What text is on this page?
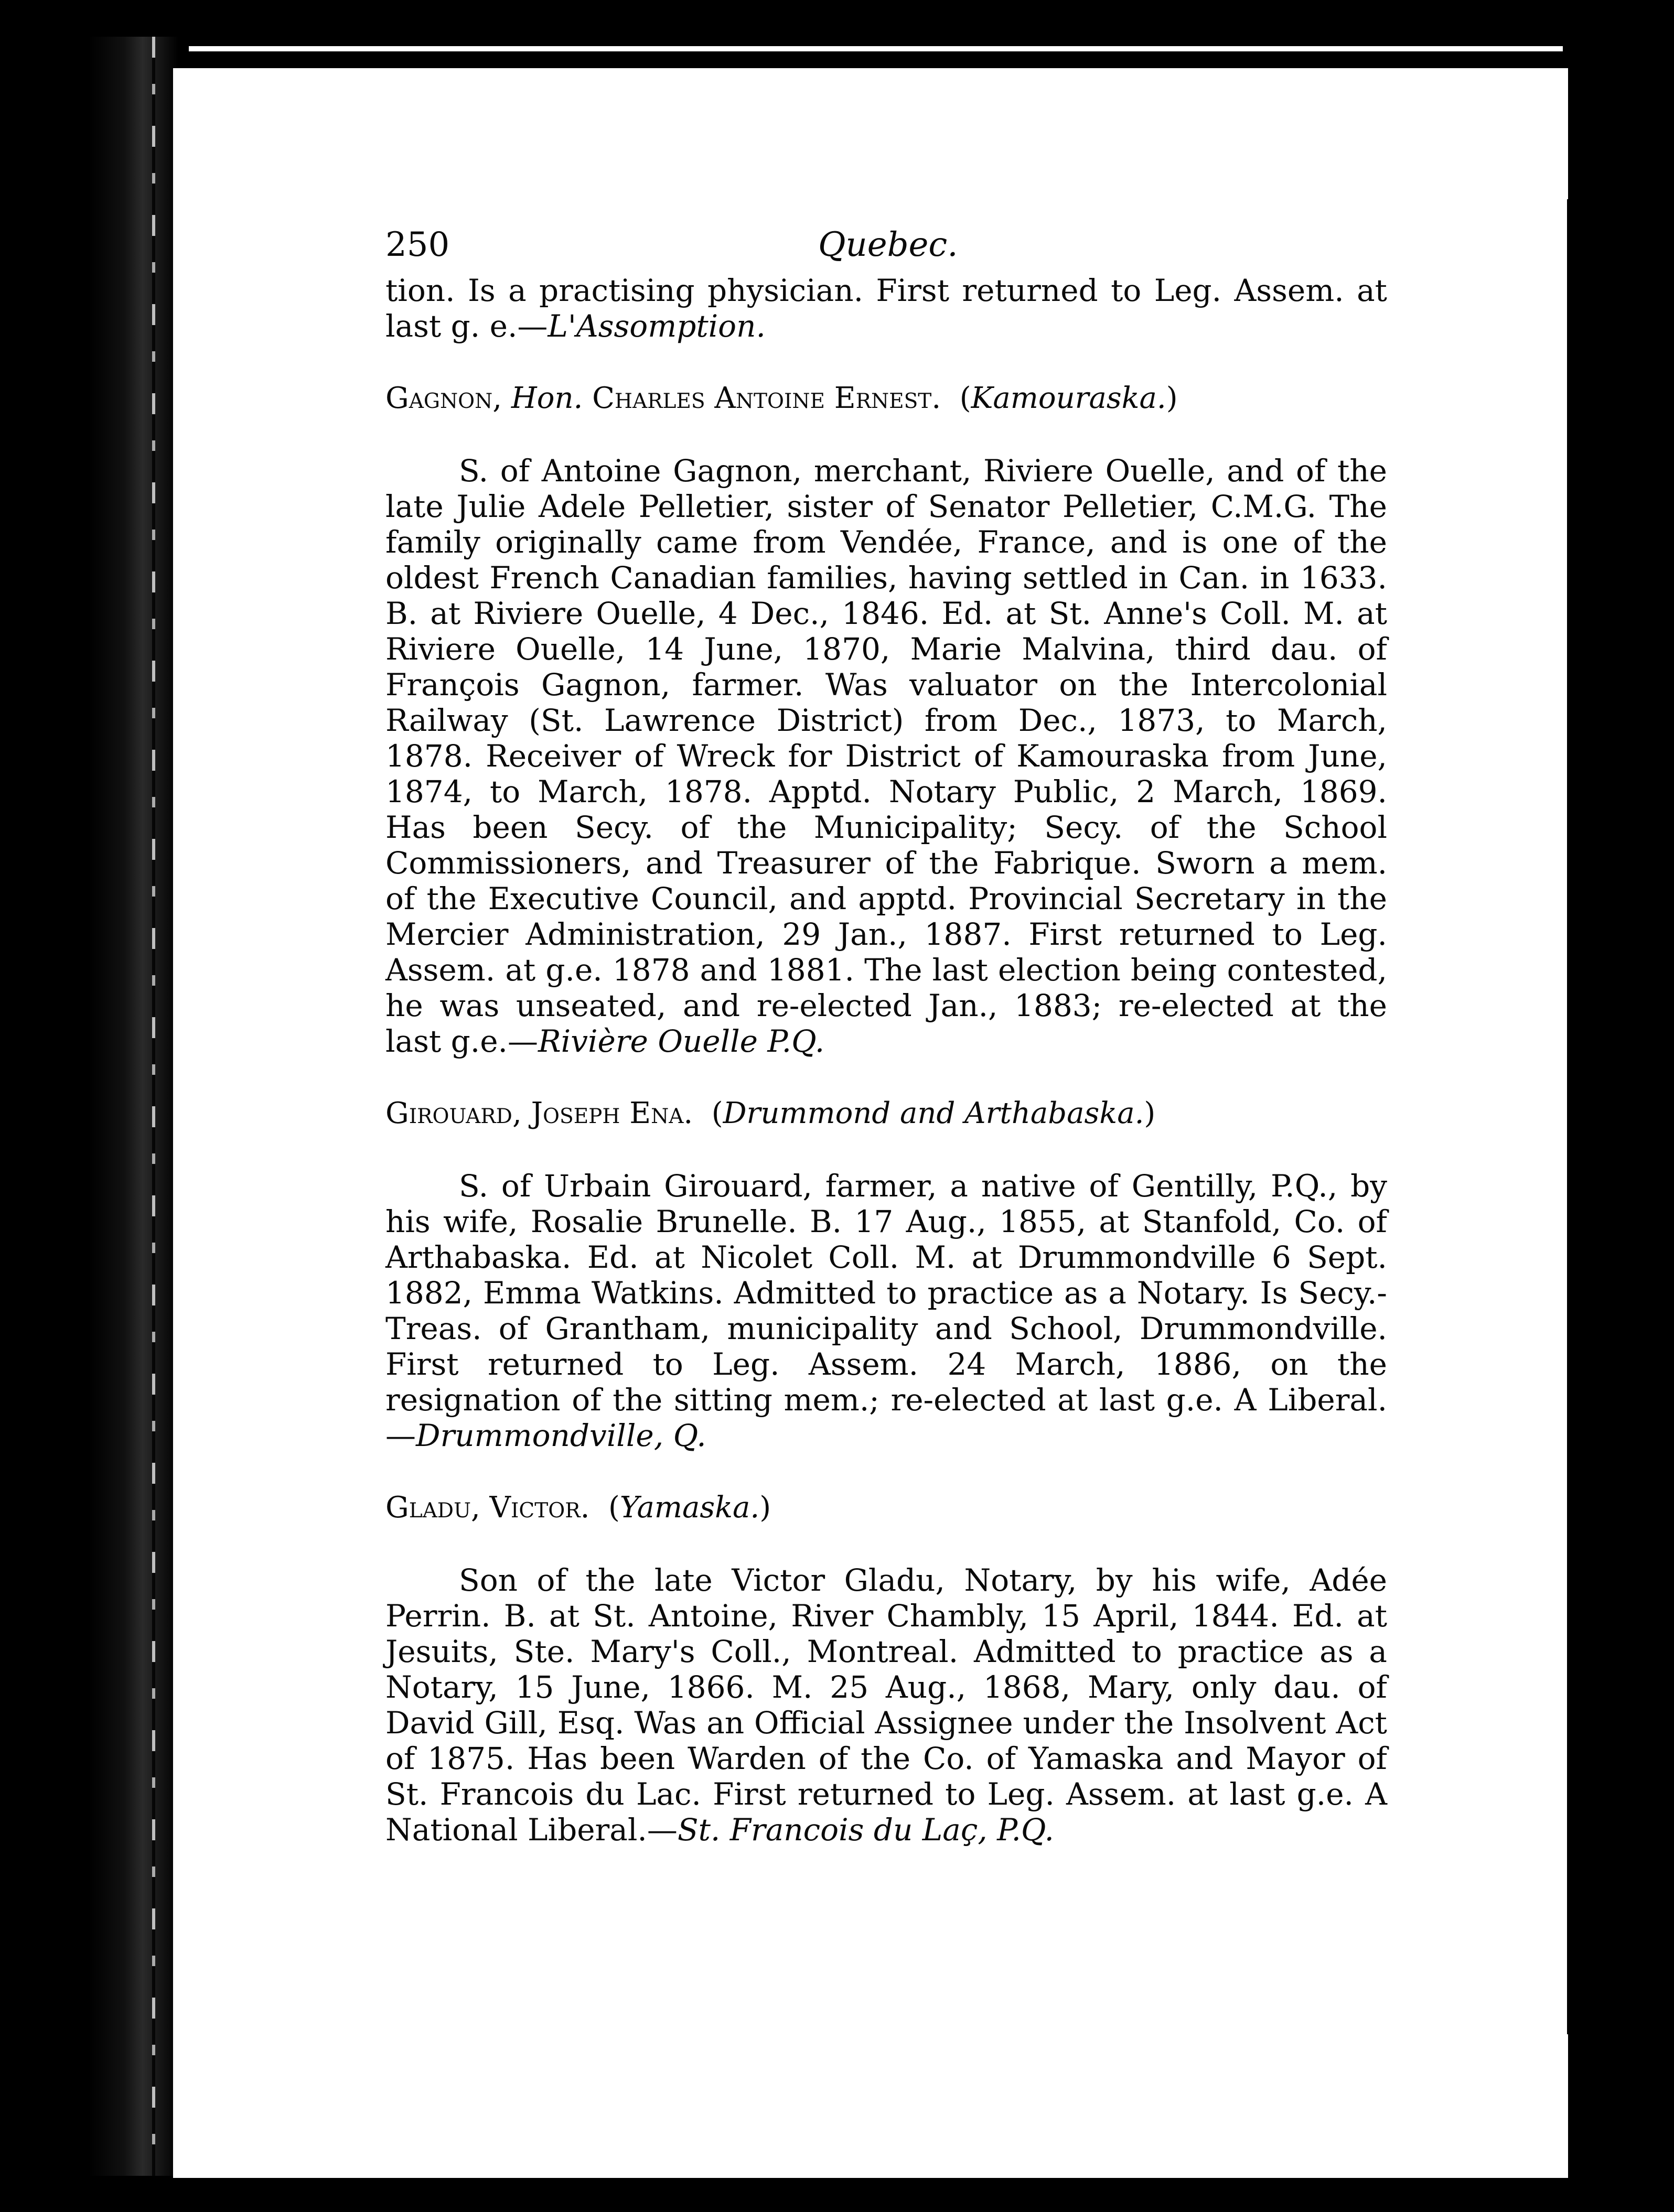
250	Quebec.

tion. Is a practising physician. First returned to Leg. Assem. at last g. e.—L'Assomption.

Gagnon, Hon. Charles Antoine Ernest.  (Kamouraska.)

S. of Antoine Gagnon, merchant, Riviere Ouelle, and of the late Julie Adele Pelletier, sister of Senator Pelletier, C.M.G. The family originally came from Vendée, France, and is one of the oldest French Canadian families, having settled in Can. in 1633. B. at Riviere Ouelle, 4 Dec., 1846. Ed. at St. Anne's Coll. M. at Riviere Ouelle, 14 June, 1870, Marie Malvina, third dau. of François Gagnon, farmer. Was valuator on the Intercolonial Railway (St. Lawrence District) from Dec., 1873, to March, 1878. Receiver of Wreck for District of Kamouraska from June, 1874, to March, 1878. Apptd. Notary Public, 2 March, 1869. Has been Secy. of the Municipality; Secy. of the School Commissioners, and Treasurer of the Fabrique. Sworn a mem. of the Executive Council, and apptd. Provincial Secretary in the Mercier Administration, 29 Jan., 1887. First returned to Leg. Assem. at g.e. 1878 and 1881. The last election being contested, he was unseated, and re-elected Jan., 1883; re-elected at the last g.e.—Rivière Ouelle P.Q.

Girouard, Joseph Ena.  (Drummond and Arthabaska.)

S. of Urbain Girouard, farmer, a native of Gentilly, P.Q., by his wife, Rosalie Brunelle. B. 17 Aug., 1855, at Stanfold, Co. of Arthabaska. Ed. at Nicolet Coll. M. at Drummondville 6 Sept. 1882, Emma Watkins. Admitted to practice as a Notary. Is Secy.-Treas. of Grantham, municipality and School, Drummondville. First returned to Leg. Assem. 24 March, 1886, on the resignation of the sitting mem.; re-elected at last g.e. A Liberal.—Drummondville, Q.

Gladu, Victor.  (Yamaska.)

Son of the late Victor Gladu, Notary, by his wife, Adée Perrin. B. at St. Antoine, River Chambly, 15 April, 1844. Ed. at Jesuits, Ste. Mary's Coll., Montreal. Admitted to practice as a Notary, 15 June, 1866. M. 25 Aug., 1868, Mary, only dau. of David Gill, Esq. Was an Official Assignee under the Insolvent Act of 1875. Has been Warden of the Co. of Yamaska and Mayor of St. Francois du Lac. First returned to Leg. Assem. at last g.e. A National Liberal.—St. Francois du Laç, P.Q.
